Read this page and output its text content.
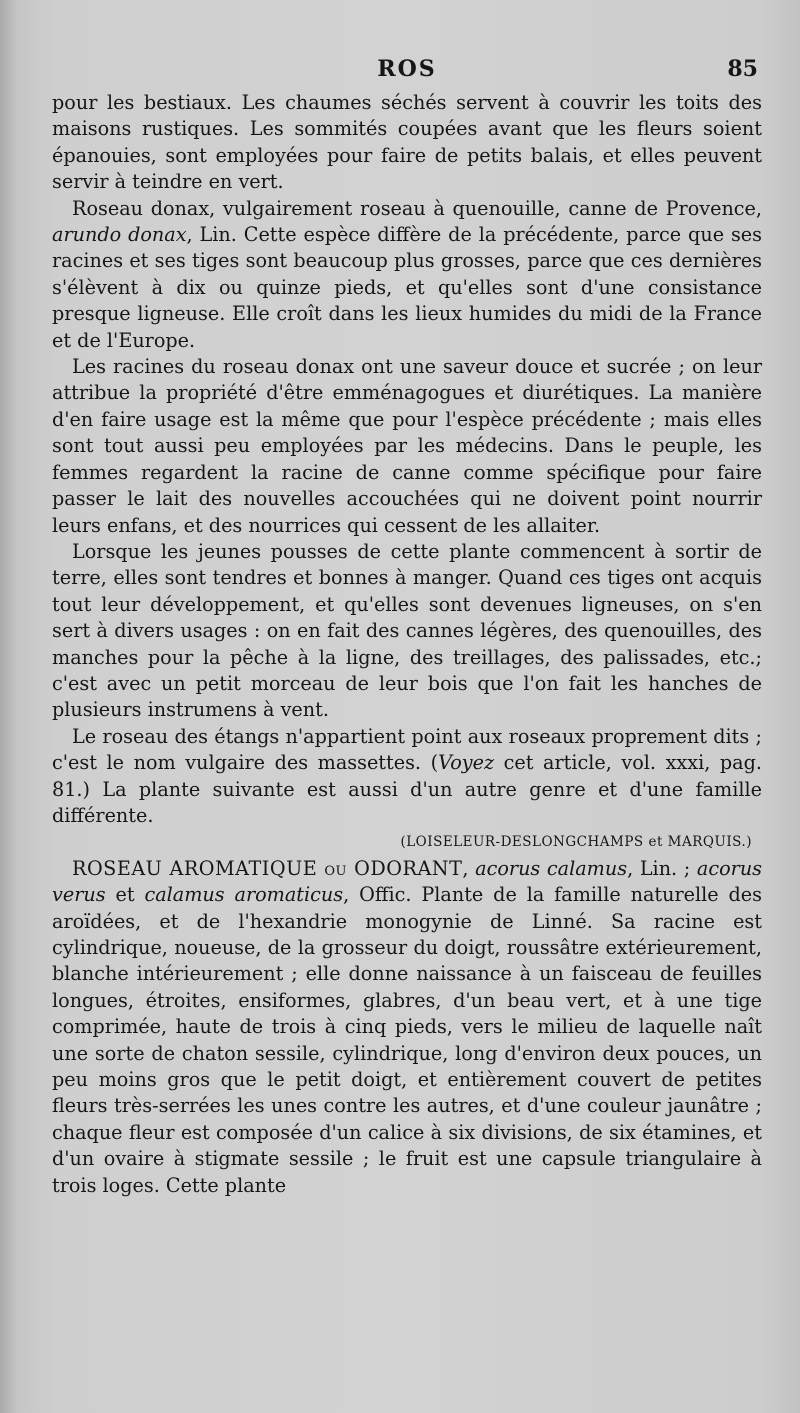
ROS	85

pour les bestiaux. Les chaumes séchés servent à couvrir les toits des maisons rustiques. Les sommités coupées avant que les fleurs soient épanouies, sont employées pour faire de petits balais, et elles peuvent servir à teindre en vert.

Roseau donax, vulgairement roseau à quenouille, canne de Provence, arundo donax, Lin. Cette espèce diffère de la précédente, parce que ses racines et ses tiges sont beaucoup plus grosses, parce que ces dernières s'élèvent à dix ou quinze pieds, et qu'elles sont d'une consistance presque ligneuse. Elle croît dans les lieux humides du midi de la France et de l'Europe.

Les racines du roseau donax ont une saveur douce et sucrée ; on leur attribue la propriété d'être emménagogues et diurétiques. La manière d'en faire usage est la même que pour l'espèce précédente ; mais elles sont tout aussi peu employées par les médecins. Dans le peuple, les femmes regardent la racine de canne comme spécifique pour faire passer le lait des nouvelles accouchées qui ne doivent point nourrir leurs enfans, et des nourrices qui cessent de les allaiter.

Lorsque les jeunes pousses de cette plante commencent à sortir de terre, elles sont tendres et bonnes à manger. Quand ces tiges ont acquis tout leur développement, et qu'elles sont devenues ligneuses, on s'en sert à divers usages : on en fait des cannes légères, des quenouilles, des manches pour la pêche à la ligne, des treillages, des palissades, etc.; c'est avec un petit morceau de leur bois que l'on fait les hanches de plusieurs instrumens à vent.

Le roseau des étangs n'appartient point aux roseaux proprement dits ; c'est le nom vulgaire des massettes. (Voyez cet article, vol. xxxi, pag. 81.) La plante suivante est aussi d'un autre genre et d'une famille différente.

(LOISELEUR-DESLONGCHAMPS et MARQUIS.)

ROSEAU AROMATIQUE ou ODORANT, acorus calamus, Lin. ; acorus verus et calamus aromaticus, Offic. Plante de la famille naturelle des aroïdées, et de l'hexandrie monogynie de Linné. Sa racine est cylindrique, noueuse, de la grosseur du doigt, roussâtre extérieurement, blanche intérieurement ; elle donne naissance à un faisceau de feuilles longues, étroites, ensiformes, glabres, d'un beau vert, et à une tige comprimée, haute de trois à cinq pieds, vers le milieu de laquelle naît une sorte de chaton sessile, cylindrique, long d'environ deux pouces, un peu moins gros que le petit doigt, et entièrement couvert de petites fleurs très-serrées les unes contre les autres, et d'une couleur jaunâtre ; chaque fleur est composée d'un calice à six divisions, de six étamines, et d'un ovaire à stigmate sessile ; le fruit est une capsule triangulaire à trois loges. Cette plante
